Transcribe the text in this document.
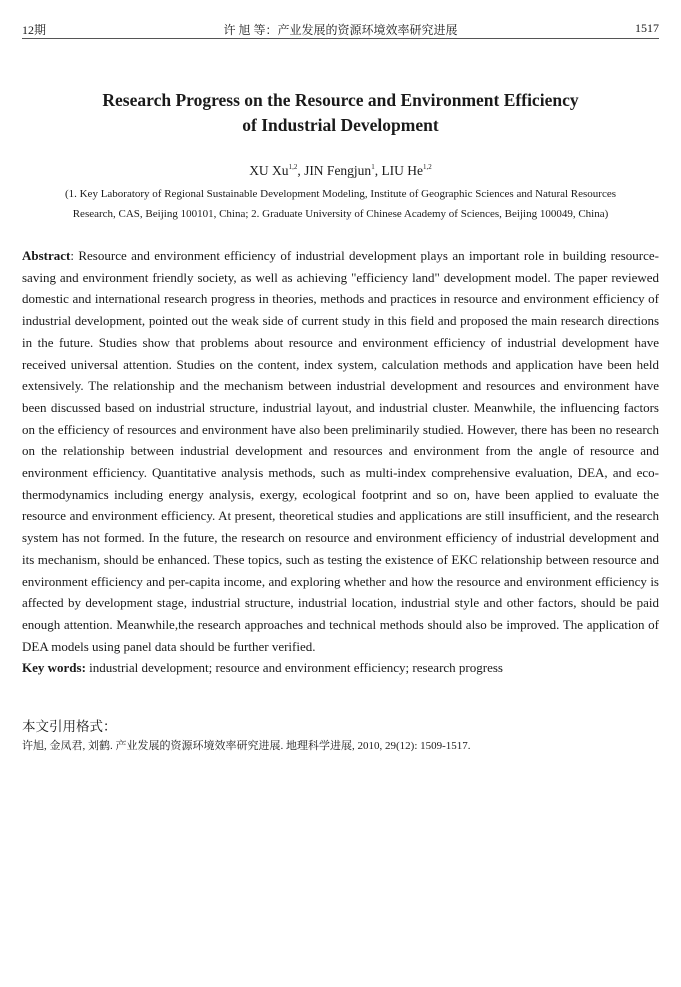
12期	许 旭 等：产业发展的资源环境效率研究进展	1517
Research Progress on the Resource and Environment Efficiency
of Industrial Development
XU Xu$^{1,2}$, JIN Fengjun$^1$, LIU He$^{1,2}$
(1. Key Laboratory of Regional Sustainable Development Modeling, Institute of Geographic Sciences and Natural Resources
Research, CAS, Beijing 100101, China; 2. Graduate University of Chinese Academy of Sciences, Beijing 100049, China)
Abstract: Resource and environment efficiency of industrial development plays an important role in building resource-saving and environment friendly society, as well as achieving "efficiency land" development model. The paper reviewed domestic and international research progress in theories, methods and practices in resource and environment efficiency of industrial development, pointed out the weak side of current study in this field and proposed the main research directions in the future. Studies show that problems about resource and environment efficiency of industrial development have received universal attention. Studies on the content, index system, calculation methods and application have been held extensively. The relationship and the mechanism between industrial development and resources and environment have been discussed based on industrial structure, industrial layout, and industrial cluster. Meanwhile, the influencing factors on the efficiency of resources and environment have also been preliminarily studied. However, there has been no research on the relationship between industrial development and resources and environment from the angle of resource and environment efficiency. Quantitative analysis methods, such as multi-index comprehensive evaluation, DEA, and eco-thermodynamics including energy analysis, exergy, ecological footprint and so on, have been applied to evaluate the resource and environment efficiency. At present, theoretical studies and applications are still insufficient, and the research system has not formed. In the future, the research on resource and environment efficiency of industrial development and its mechanism, should be enhanced. These topics, such as testing the existence of EKC relationship between resource and environment efficiency and per-capita income, and exploring whether and how the resource and environment efficiency is affected by development stage, industrial structure, industrial location, industrial style and other factors, should be paid enough attention. Meanwhile,the research approaches and technical methods should also be improved. The application of DEA models using panel data should be further verified.
Key words: industrial development; resource and environment efficiency; research progress
本文引用格式：
许旭, 金凤君, 刘鹤. 产业发展的资源环境效率研究进展. 地理科学进展, 2010, 29(12): 1509-1517.
